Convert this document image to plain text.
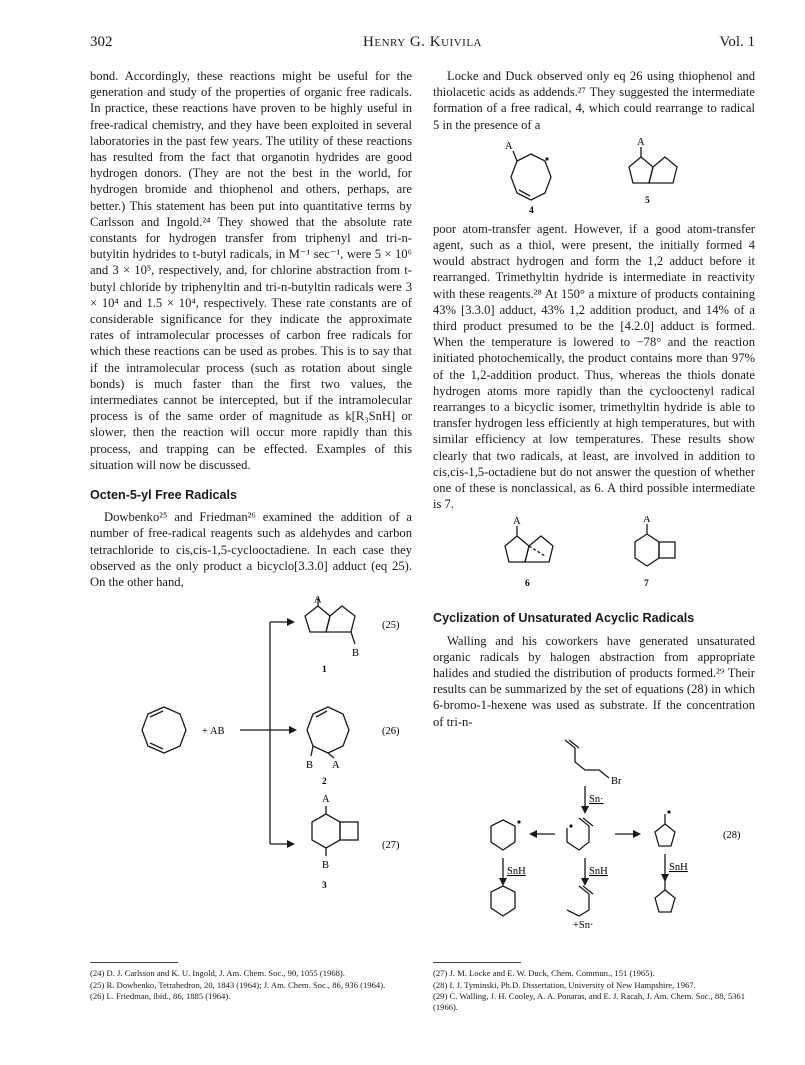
302	Henry G. Kuivila	Vol. 1

bond. Accordingly, these reactions might be useful for the generation and study of the properties of organic free radicals. In practice, these reactions have proven to be highly useful in free-radical chemistry, and they have been exploited in several laboratories in the past few years. The utility of these reactions has resulted from the fact that organotin hydrides are good hydrogen donors. (They are not the best in the world, for hydrogen bromide and thiophenol and others, perhaps, are better.) This statement has been put into quantitative terms by Carlsson and Ingold.²⁴ They showed that the absolute rate constants for hydrogen transfer from triphenyl and tri-n-butyltin hydrides to t-butyl radicals, in M⁻¹ sec⁻¹, were 5 × 10⁶ and 3 × 10⁵, respectively, and, for chlorine abstraction from t-butyl chloride by triphenyltin and tri-n-butyltin radicals were 3 × 10⁴ and 1.5 × 10⁴, respectively. These rate constants are of considerable significance for they indicate the approximate rates of intramolecular processes of carbon free radicals for which these reactions can be used as probes. This is to say that if the intramolecular process (such as rotation about single bonds) is much faster than the first two values, the intermediates cannot be intercepted, but if the intramolecular process is of the same order of magnitude as k[R₃SnH] or slower, then the reaction will occur more rapidly than this process, and trapping can be effected. Examples of this situation will now be discussed.

Octen-5-yl Free Radicals

Dowbenko²⁵ and Friedman²⁶ examined the addition of a number of free-radical reagents such as aldehydes and carbon tetrachloride to cis,cis-1,5-cyclooctadiene. In each case they observed as the only product a bicyclo[3.3.0] adduct (eq 25). On the other hand,

+ AB
A
B
(25)
1
B A
(26)
2
A
B
(27)
3

Locke and Duck observed only eq 26 using thiophenol and thiolacetic acids as addends.²⁷ They suggested the intermediate formation of a free radical, 4, which could rearrange to radical 5 in the presence of a

A
4
A
5

poor atom-transfer agent. However, if a good atom-transfer agent, such as a thiol, were present, the initially formed 4 would abstract hydrogen and form the 1,2 adduct before it rearranged. Trimethyltin hydride is intermediate in reactivity with these reagents.²⁸ At 150° a mixture of products containing 43% [3.3.0] adduct, 43% 1,2 addition product, and 14% of a third product presumed to be the [4.2.0] adduct is formed. When the temperature is lowered to −78° and the reaction initiated photochemically, the product contains more than 97% of the 1,2-addition product. Thus, whereas the thiols donate hydrogen atoms more rapidly than the cyclooctenyl radical rearranges to a bicyclic isomer, trimethyltin hydride is able to transfer hydrogen less efficiently at high temperatures, but with similar efficiency at low temperatures. These results show clearly that two radicals, at least, are involved in addition to cis,cis-1,5-octadiene but do not answer the question of whether one of these is nonclassical, as 6. A third possible intermediate is 7.

A
6
A
7
Cyclization of Unsaturated Acyclic Radicals

Walling and his coworkers have generated unsaturated organic radicals by halogen abstraction from appropriate halides and studied the distribution of products formed.²⁹ Their results can be summarized by the set of equations (28) in which 6-bromo-1-hexene was used as substrate. If the concentration of tri-n-

Br
Sn·
SnH	SnH	SnH
+Sn·
(28)

(24) D. J. Carlsson and K. U. Ingold, J. Am. Chem. Soc., 90, 1055 (1968).

(25) R. Dowbenko, Tetrahedron, 20, 1843 (1964); J. Am. Chem. Soc., 86, 936 (1964).

(26) L. Friedman, ibid., 86, 1885 (1964).

(27) J. M. Locke and E. W. Duck, Chem. Commun., 151 (1965).

(28) I. J. Tyminski, Ph.D. Dissertation, University of New Hampshire, 1967.

(29) C. Walling, J. H. Cooley, A. A. Ponaras, and E. J. Racah, J. Am. Chem. Soc., 88, 5361 (1966).
